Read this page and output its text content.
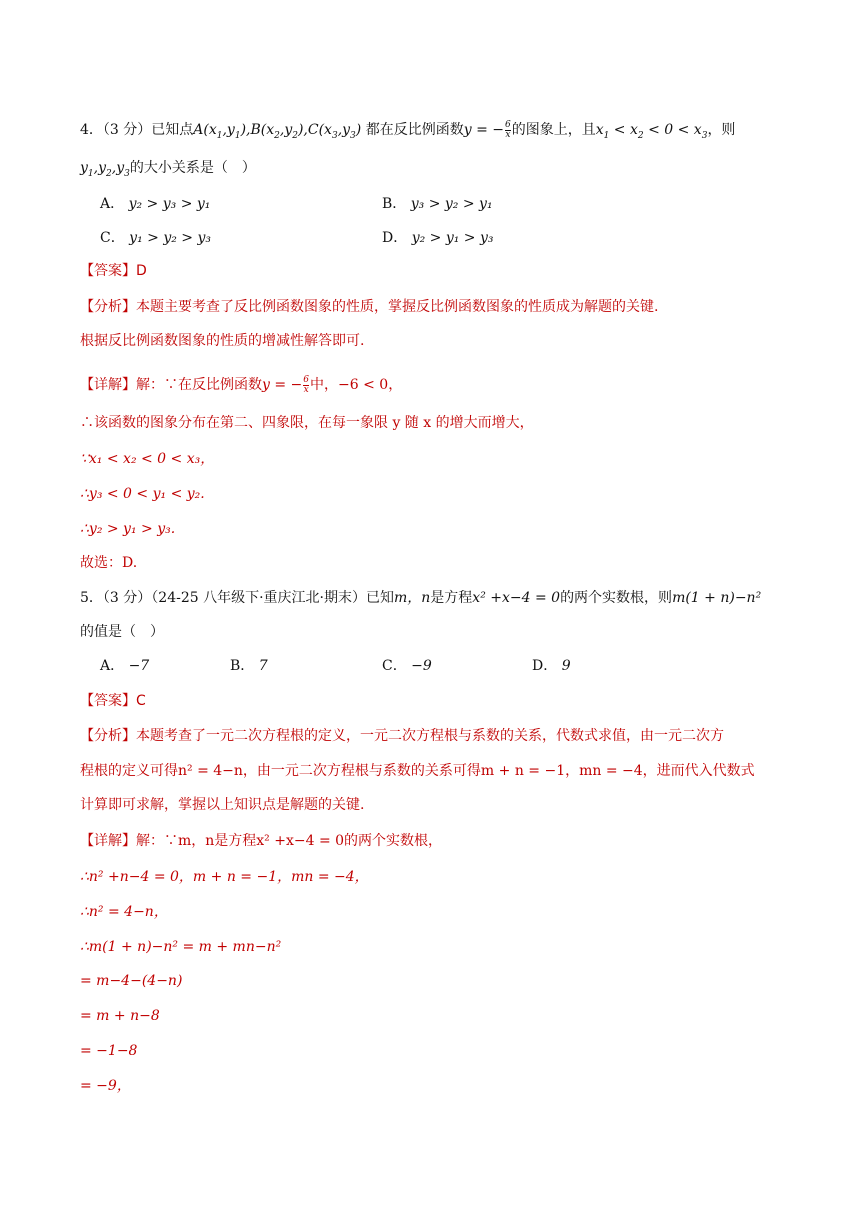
4．（3 分）已知点$A(x_1,y_1),B(x_2,y_2),C(x_3,y_3)$ 都在反比例函数y = − $\frac{6}{x}$ 的图象上，且$x_1 < x_2 < 0 < x_3$，则
$y_1,y_2,y_3$的大小关系是（　）
A． y₂ > y₃ > y₁	B． y₃ > y₂ > y₁
C． y₁ > y₂ > y₃	D． y₂ > y₁ > y₃
【答案】D
【分析】本题主要考查了反比例函数图象的性质，掌握反比例函数图象的性质成为解题的关键.
根据反比例函数图象的性质的增减性解答即可.
【详解】解：∵在反比例函数y = − $\frac{6}{x}$ 中，−6 < 0，
∴该函数的图象分布在第二、四象限，在每一象限 y 随 x 的增大而增大，
∵x₁ < x₂ < 0 < x₃，
∴y₃ < 0 < y₁ < y₂.
∴y₂ > y₁ > y₃.
故选：D.
5．（3 分）（24-25 八年级下·重庆江北·期末）已知m，n是方程x² +x−4 = 0的两个实数根，则m(1 + n)−n²
的值是（　）
A． −7	B． 7	C． −9	D． 9
【答案】C
【分析】本题考查了一元二次方程根的定义，一元二次方程根与系数的关系，代数式求值，由一元二次方
程根的定义可得n² = 4−n，由一元二次方程根与系数的关系可得m + n = −1，mn = −4，进而代入代数式
计算即可求解，掌握以上知识点是解题的关键.
【详解】解：∵m，n是方程x² +x−4 = 0的两个实数根，
∴n² +n−4 = 0，m + n = −1，mn = −4，
∴n² = 4−n，
∴m(1 + n)−n² = m + mn−n²
= m−4−(4−n)
= m + n−8
= −1−8
= −9，
